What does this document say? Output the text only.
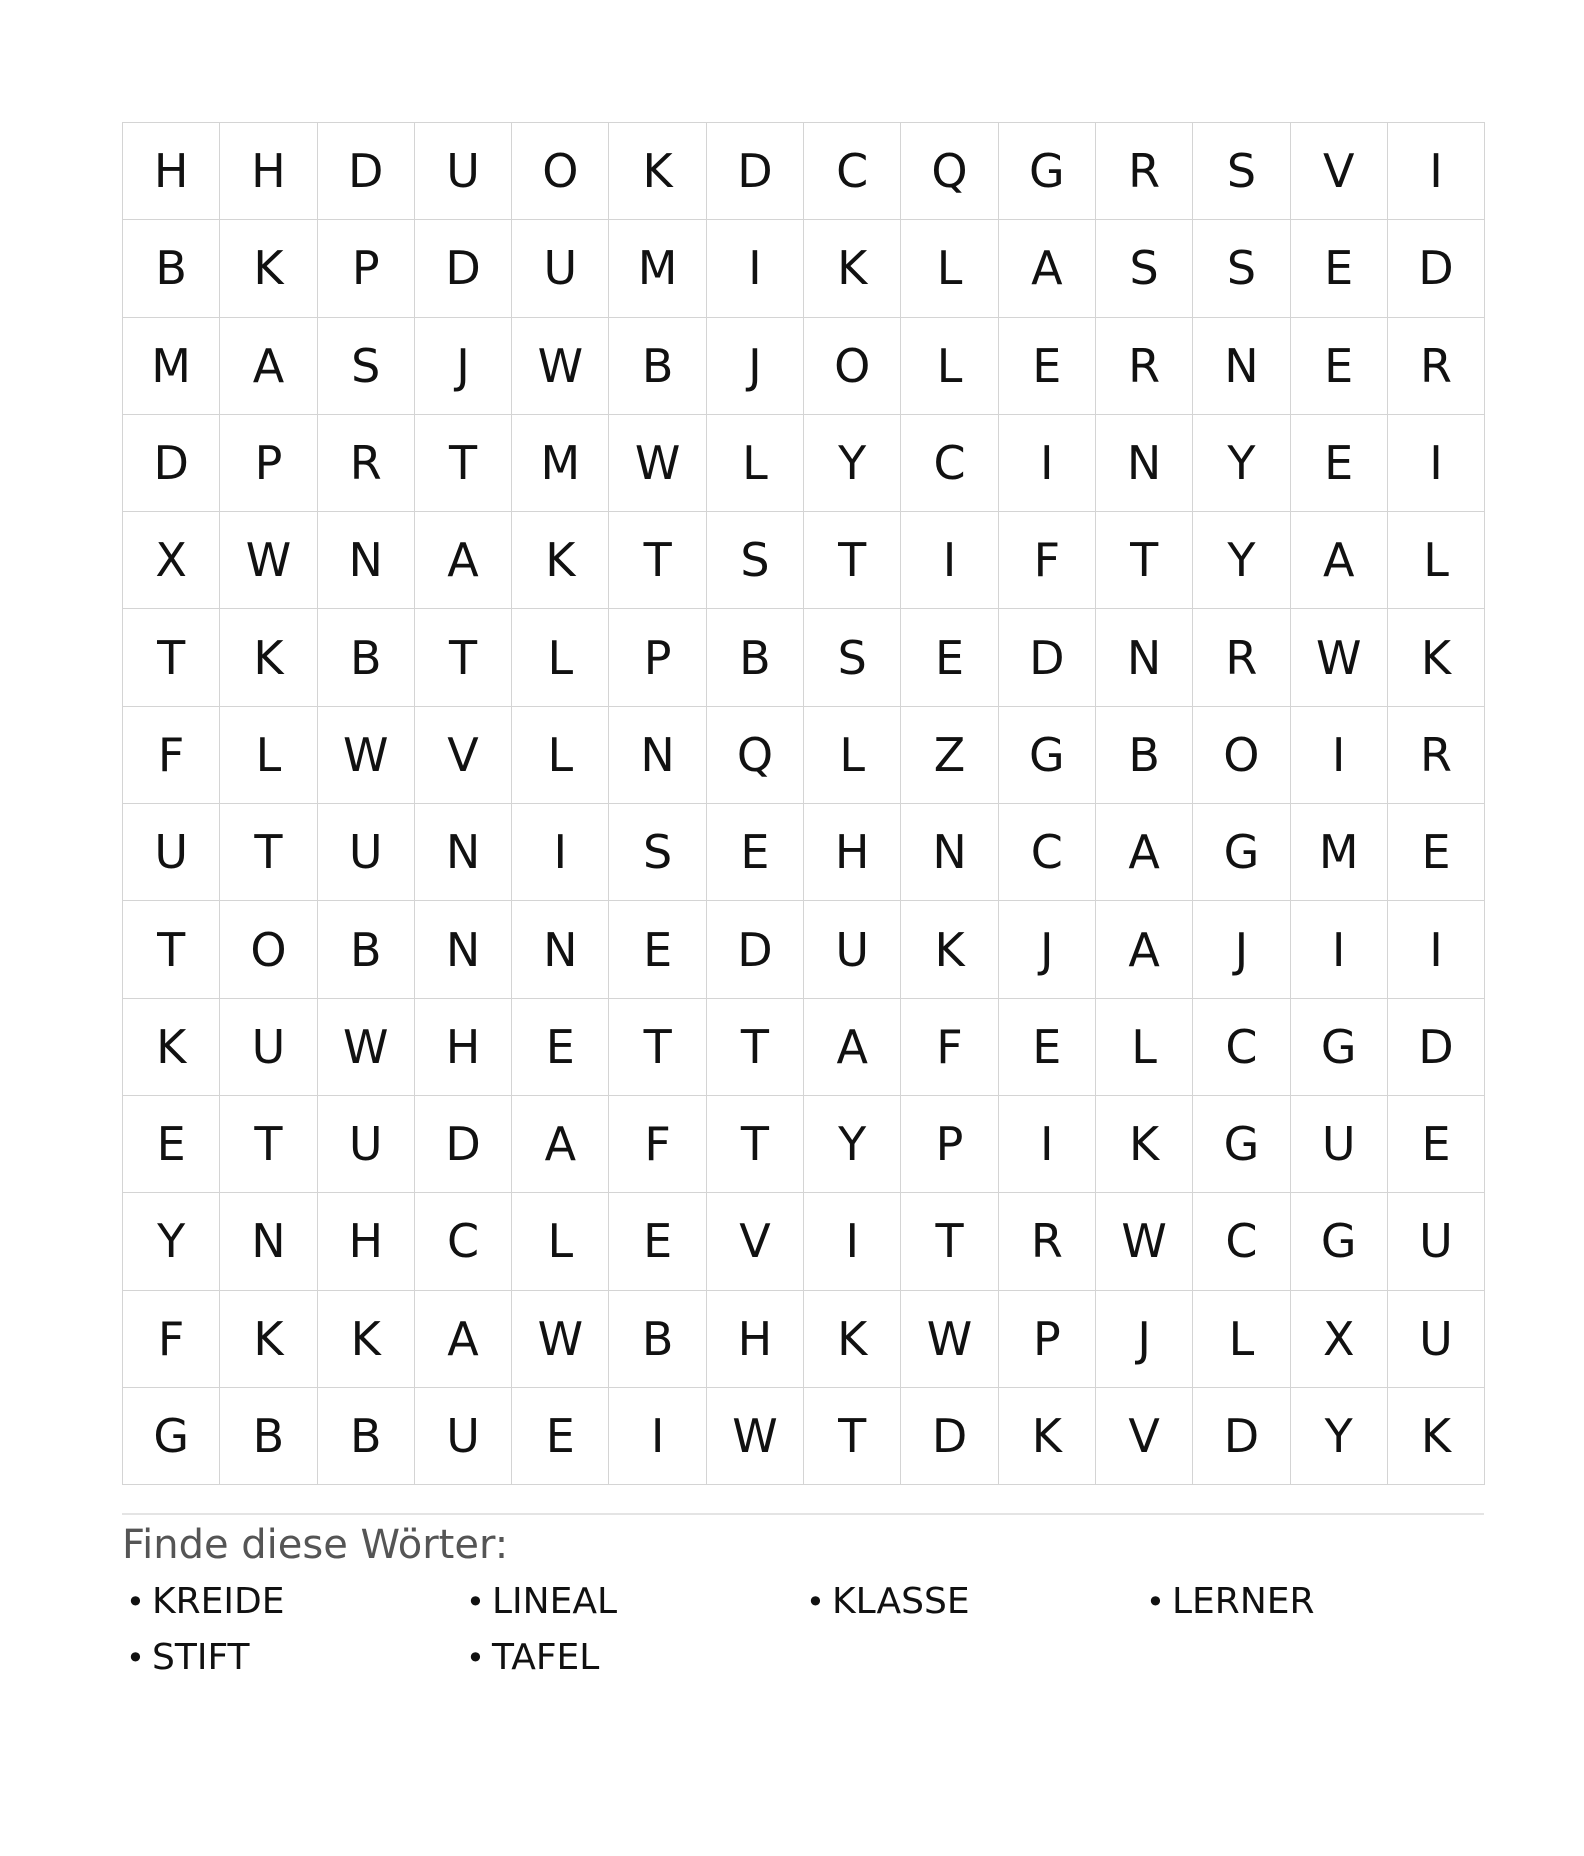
H	H	D	U	O	K	D	C	Q	G	R	S	V	I
B	K	P	D	U	M	I	K	L	A	S	S	E	D
M	A	S	J	W	B	J	O	L	E	R	N	E	R
D	P	R	T	M	W	L	Y	C	I	N	Y	E	I
X	W	N	A	K	T	S	T	I	F	T	Y	A	L
T	K	B	T	L	P	B	S	E	D	N	R	W	K
F	L	W	V	L	N	Q	L	Z	G	B	O	I	R
U	T	U	N	I	S	E	H	N	C	A	G	M	E
T	O	B	N	N	E	D	U	K	J	A	J	I	I
K	U	W	H	E	T	T	A	F	E	L	C	G	D
E	T	U	D	A	F	T	Y	P	I	K	G	U	E
Y	N	H	C	L	E	V	I	T	R	W	C	G	U
F	K	K	A	W	B	H	K	W	P	J	L	X	U
G	B	B	U	E	I	W	T	D	K	V	D	Y	K
Finde diese Wörter:
• KREIDE	• LINEAL	• KLASSE	• LERNER
• STIFT	• TAFEL
